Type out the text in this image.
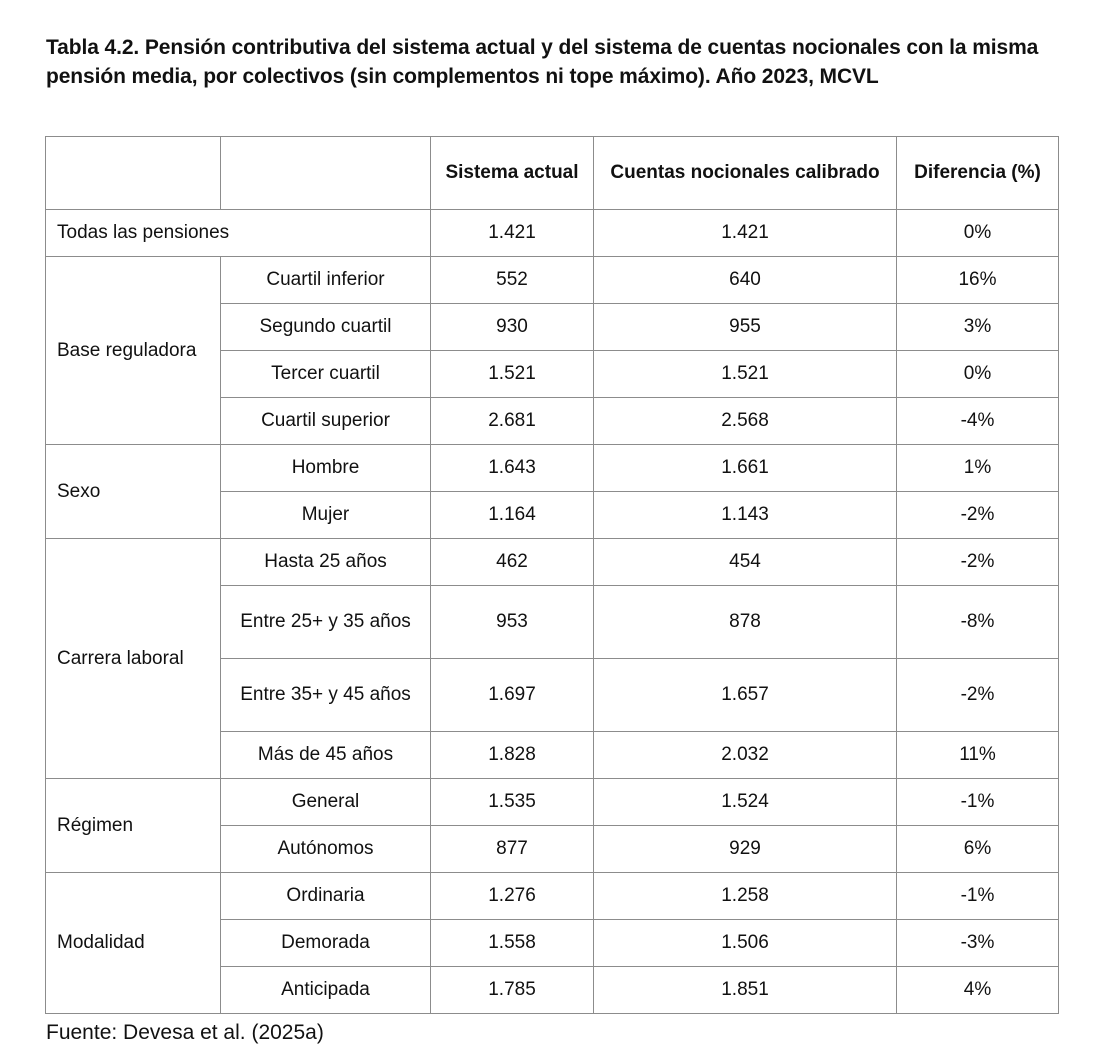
Tabla 4.2. Pensión contributiva del sistema actual y del sistema de cuentas nocionales con la misma pensión media, por colectivos (sin complementos ni tope máximo). Año 2023, MCVL

		Sistema actual	Cuentas nocionales calibrado	Diferencia (%)
Todas las pensiones		1.421	1.421	0%
Base reguladora	Cuartil inferior	552	640	16%
	Segundo cuartil	930	955	3%
	Tercer cuartil	1.521	1.521	0%
	Cuartil superior	2.681	2.568	-4%
Sexo	Hombre	1.643	1.661	1%
	Mujer	1.164	1.143	-2%
Carrera laboral	Hasta 25 años	462	454	-2%
	Entre 25+ y 35 años	953	878	-8%
	Entre 35+ y 45 años	1.697	1.657	-2%
	Más de 45 años	1.828	2.032	11%
Régimen	General	1.535	1.524	-1%
	Autónomos	877	929	6%
Modalidad	Ordinaria	1.276	1.258	-1%
	Demorada	1.558	1.506	-3%
	Anticipada	1.785	1.851	4%

Fuente: Devesa et al. (2025a)
